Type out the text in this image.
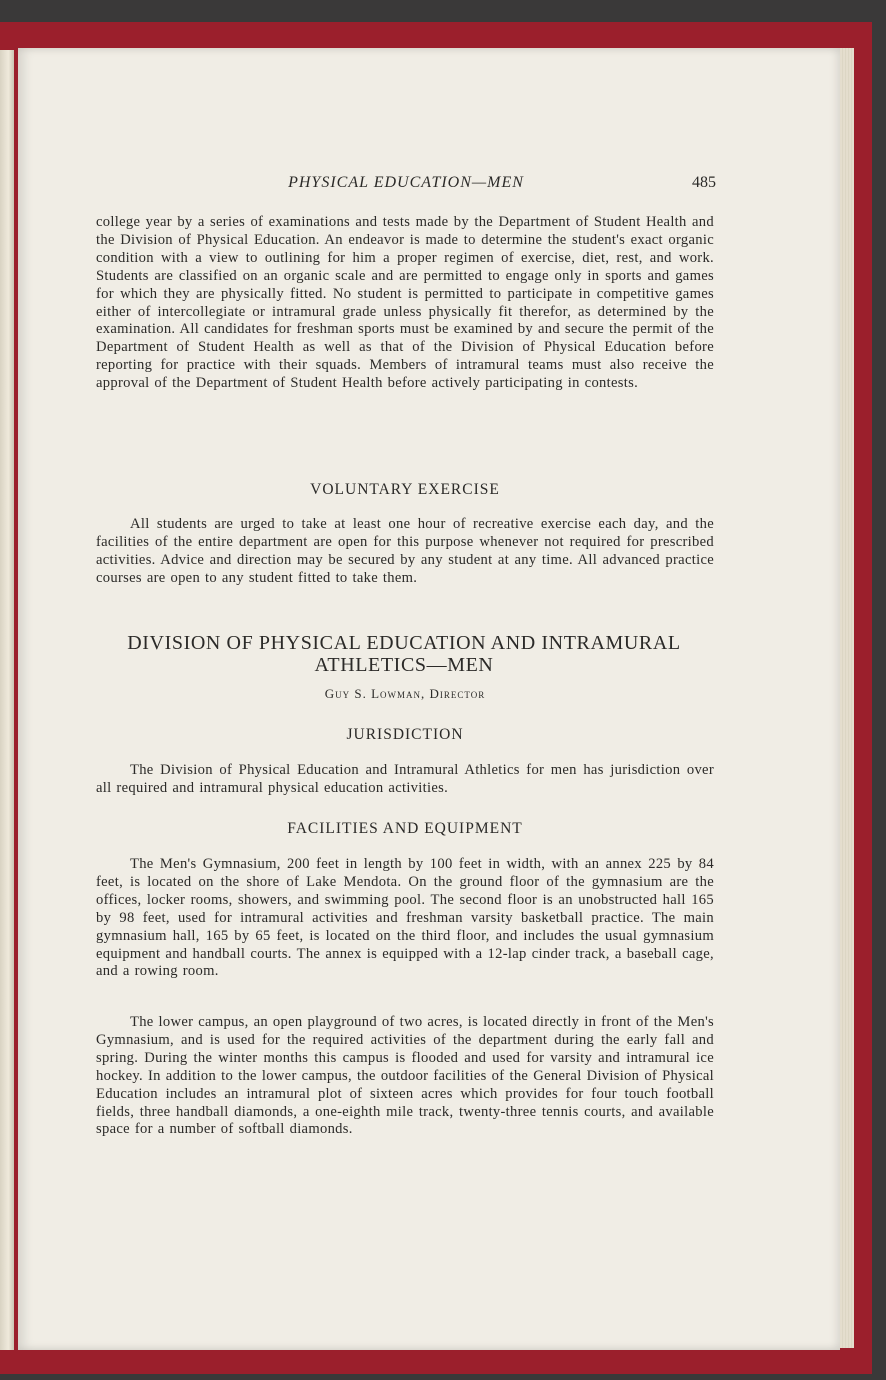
PHYSICAL EDUCATION—MEN	485

college year by a series of examinations and tests made by the Department of Student Health and the Division of Physical Education. An endeavor is made to determine the student's exact organic condition with a view to outlining for him a proper regimen of exercise, diet, rest, and work. Students are classified on an organic scale and are permitted to engage only in sports and games for which they are physically fitted. No student is permitted to participate in competitive games either of intercollegiate or intramural grade unless physically fit therefor, as determined by the examination. All candidates for freshman sports must be examined by and secure the permit of the Department of Student Health as well as that of the Division of Physical Education before reporting for practice with their squads. Members of intramural teams must also receive the approval of the Department of Student Health before actively participating in contests.

VOLUNTARY EXERCISE

All students are urged to take at least one hour of recreative exercise each day, and the facilities of the entire department are open for this purpose whenever not required for prescribed activities. Advice and direction may be secured by any student at any time. All advanced practice courses are open to any student fitted to take them.

DIVISION OF PHYSICAL EDUCATION AND INTRAMURAL
ATHLETICS—MEN
Guy S. Lowman, Director
JURISDICTION

The Division of Physical Education and Intramural Athletics for men has jurisdiction over all required and intramural physical education activities.

FACILITIES AND EQUIPMENT

The Men's Gymnasium, 200 feet in length by 100 feet in width, with an annex 225 by 84 feet, is located on the shore of Lake Mendota. On the ground floor of the gymnasium are the offices, locker rooms, showers, and swimming pool. The second floor is an unobstructed hall 165 by 98 feet, used for intramural activities and freshman varsity basketball practice. The main gymnasium hall, 165 by 65 feet, is located on the third floor, and includes the usual gymnasium equipment and handball courts. The annex is equipped with a 12-lap cinder track, a baseball cage, and a rowing room.

The lower campus, an open playground of two acres, is located directly in front of the Men's Gymnasium, and is used for the required activities of the department during the early fall and spring. During the winter months this campus is flooded and used for varsity and intramural ice hockey. In addition to the lower campus, the outdoor facilities of the General Division of Physical Education includes an intramural plot of sixteen acres which provides for four touch football fields, three handball diamonds, a one-eighth mile track, twenty-three tennis courts, and available space for a number of softball diamonds.
